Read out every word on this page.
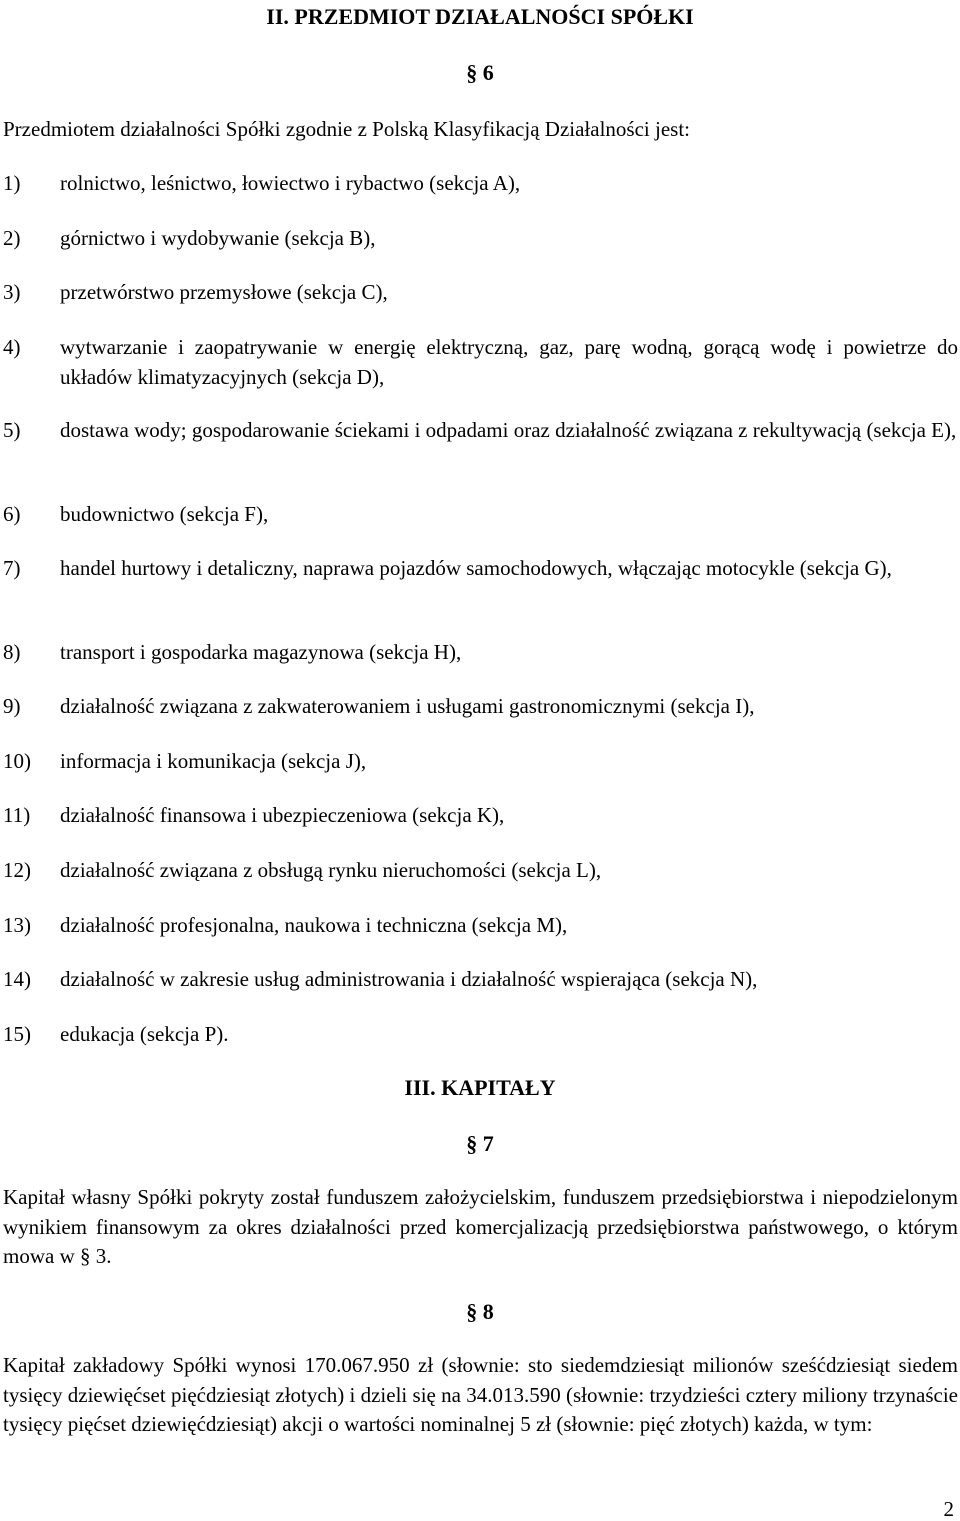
II. PRZEDMIOT DZIAŁALNOŚCI SPÓŁKI
§ 6
Przedmiotem działalności Spółki zgodnie z Polską Klasyfikacją Działalności jest:
1) rolnictwo, leśnictwo, łowiectwo i rybactwo (sekcja A),
2) górnictwo i wydobywanie (sekcja B),
3) przetwórstwo przemysłowe (sekcja C),
4) wytwarzanie i zaopatrywanie w energię elektryczną, gaz, parę wodną, gorącą wodę i powietrze do układów klimatyzacyjnych (sekcja D),
5) dostawa wody; gospodarowanie ściekami i odpadami oraz działalność związana z rekultywacją (sekcja E),
6) budownictwo (sekcja F),
7) handel hurtowy i detaliczny, naprawa pojazdów samochodowych, włączając motocykle (sekcja G),
8) transport i gospodarka magazynowa (sekcja H),
9) działalność związana z zakwaterowaniem i usługami gastronomicznymi (sekcja I),
10) informacja i komunikacja (sekcja J),
11) działalność finansowa i ubezpieczeniowa (sekcja K),
12) działalność związana z obsługą rynku nieruchomości (sekcja L),
13) działalność profesjonalna, naukowa i techniczna (sekcja M),
14) działalność w zakresie usług administrowania i działalność wspierająca (sekcja N),
15) edukacja (sekcja P).
III. KAPITAŁY
§ 7
Kapitał własny Spółki pokryty został funduszem założycielskim, funduszem przedsiębiorstwa i niepodzielonym wynikiem finansowym za okres działalności przed komercjalizacją przedsiębiorstwa państwowego, o którym mowa w § 3.
§ 8
Kapitał zakładowy Spółki wynosi 170.067.950 zł (słownie: sto siedemdziesiąt milionów sześćdziesiąt siedem tysięcy dziewięćset pięćdziesiąt złotych) i dzieli się na 34.013.590 (słownie: trzydzieści cztery miliony trzynaście tysięcy pięćset dziewięćdziesiąt) akcji o wartości nominalnej 5 zł (słownie: pięć złotych) każda, w tym:
2
